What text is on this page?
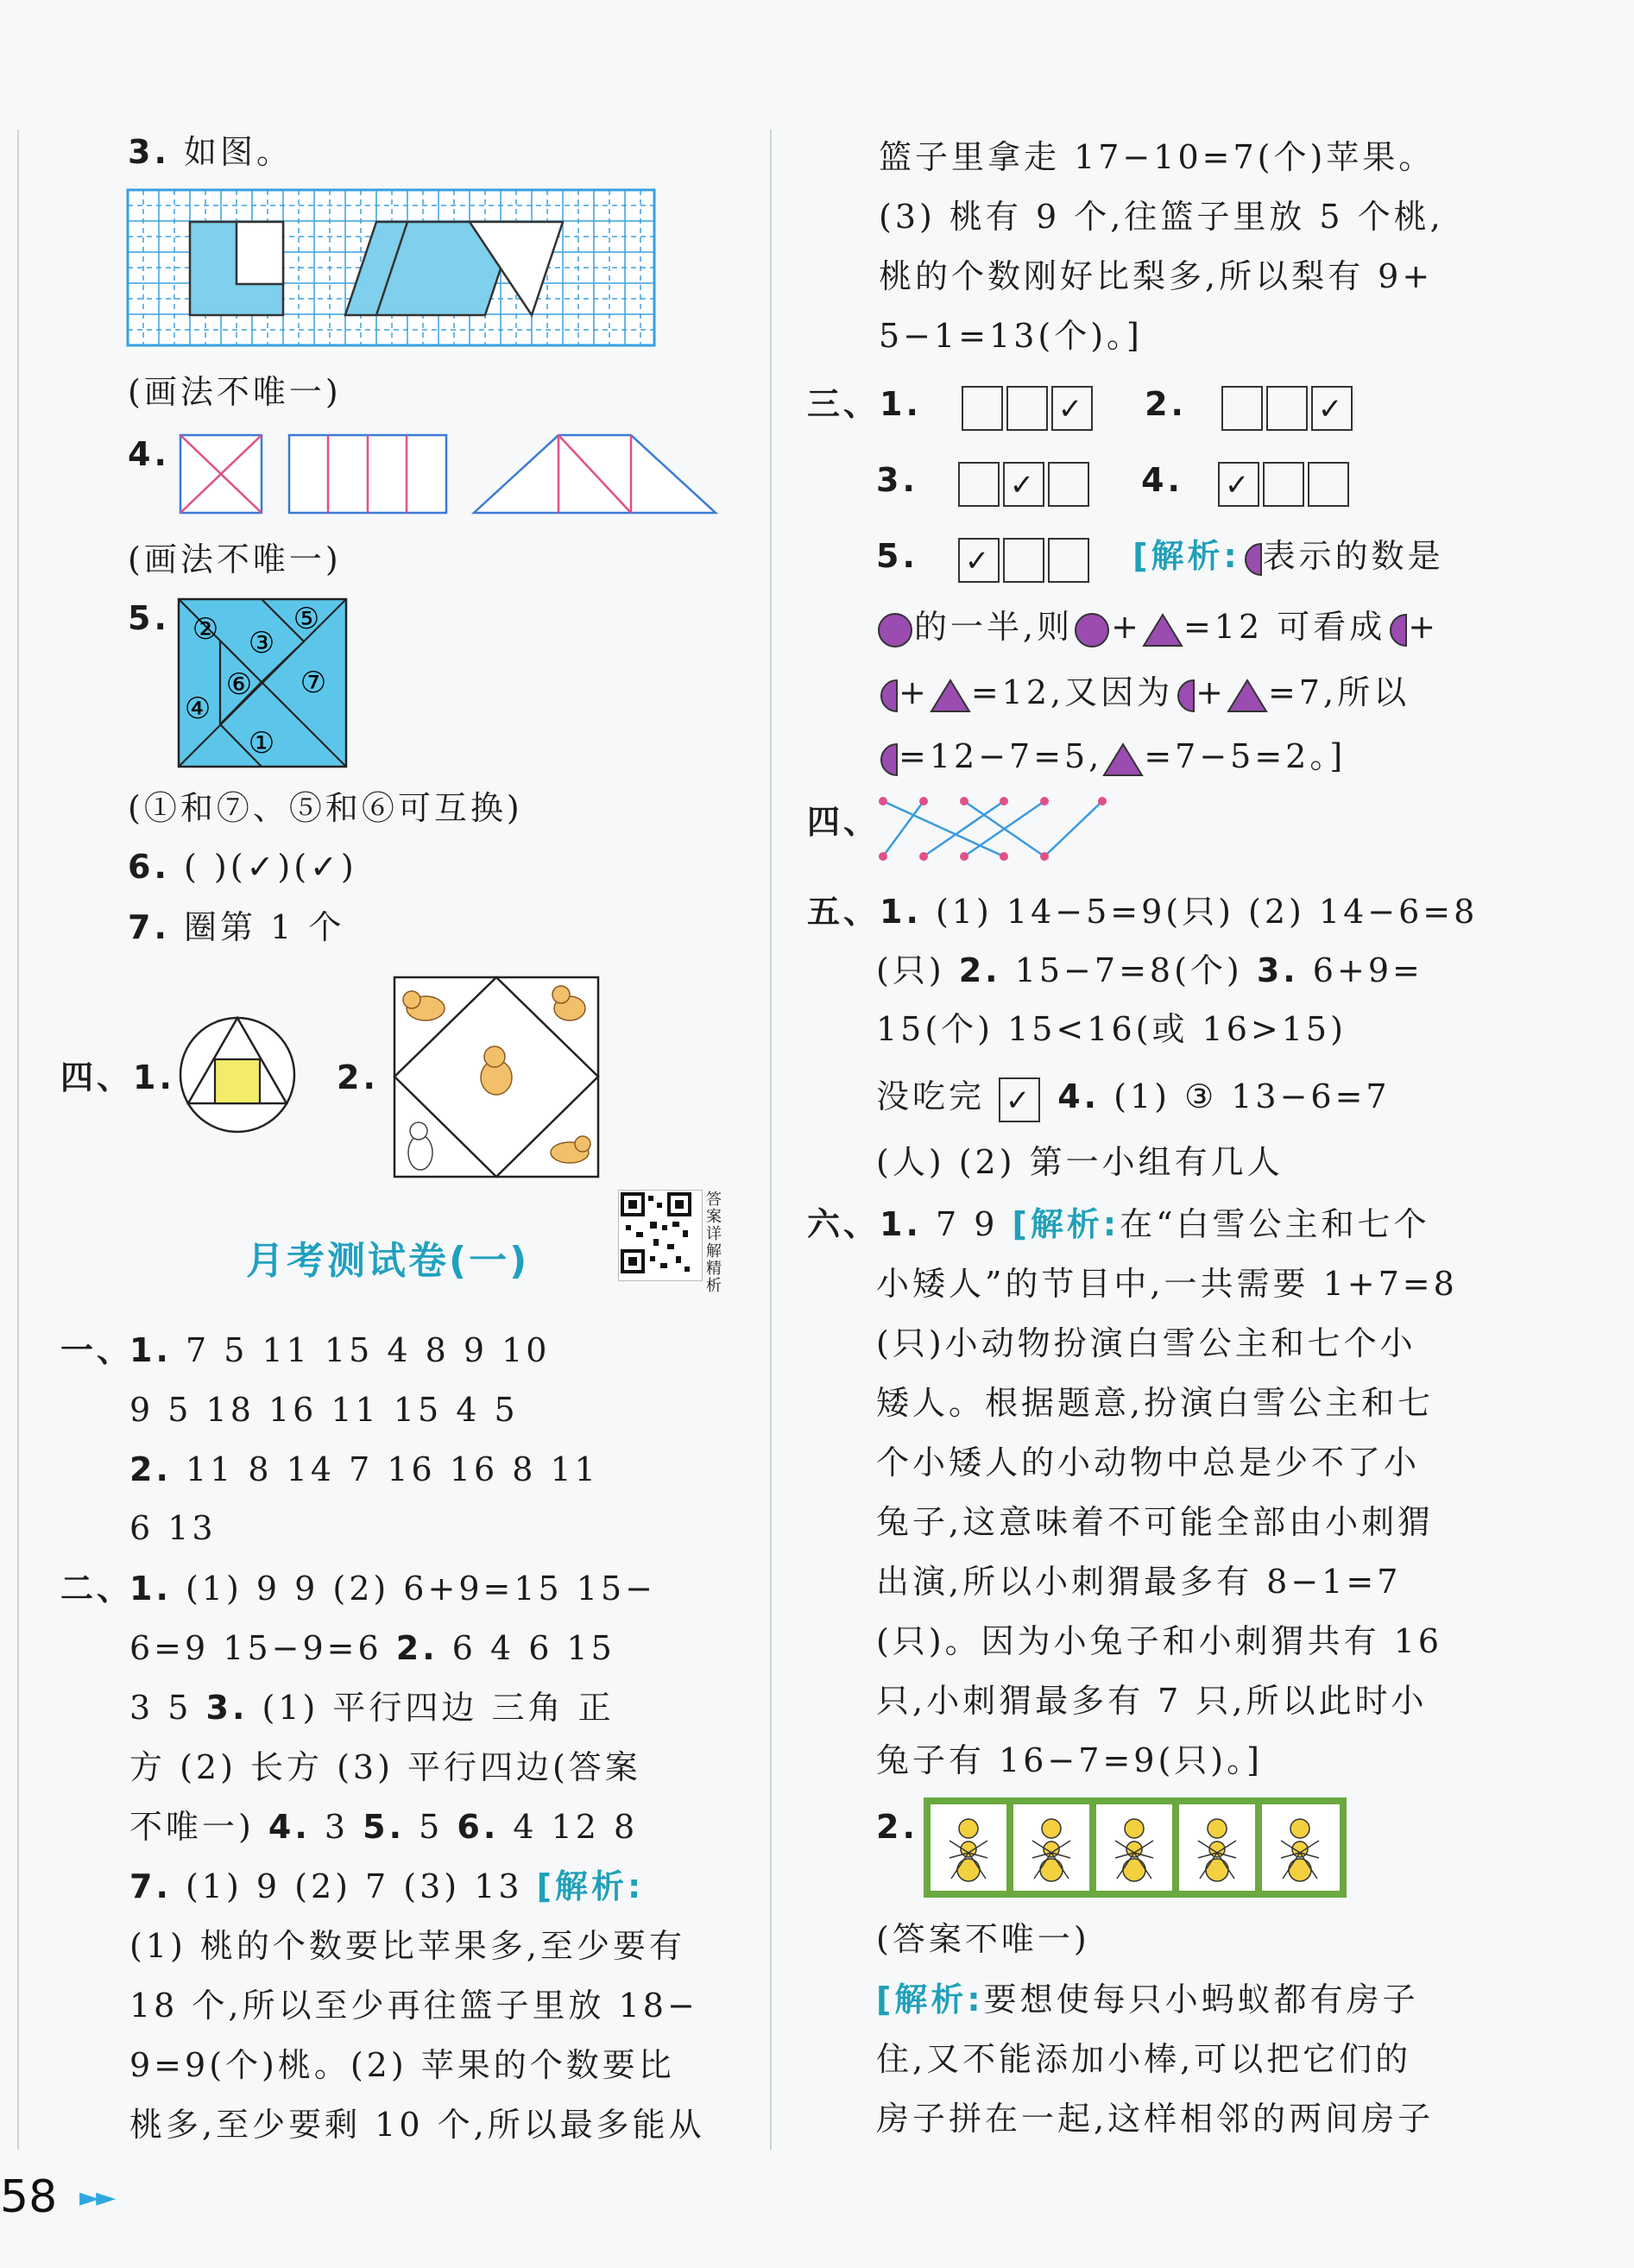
3. 如图。
(画法不唯一)
4.
(画法不唯一)
5. ② ③
⑤
⑥
④
⑦
①
(①和⑦、⑤和⑥可互换)
6. ( )(✓)(✓)
7. 圈第 1 个
四、1.	2.
答案详解精析
月考测试卷(一)
一、
1. 7 5 11 15 4 8 9 10
9 5 18 16 11 15 4 5
2. 11 8 14 7 16 16 8 11
6 13
二、
1. (1) 9 9 (2) 6+9=15 15−
6=9 15−9=6 2. 6 4 6 15
3 5 3. (1) 平行四边 三角 正
方 (2) 长方 (3) 平行四边(答案
不唯一) 4. 3 5. 5 6. 4 12 8
7. (1) 9 (2) 7 (3) 13 [解析:
(1) 桃的个数要比苹果多,至少要有
18 个,所以至少再往篮子里放 18−
9=9(个)桃。(2) 苹果的个数要比
桃多,至少要剩 10 个,所以最多能从
篮子里拿走 17−10=7(个)苹果。
(3) 桃有 9 个,往篮子里放 5 个桃,
桃的个数刚好比梨多,所以梨有 9+
5−1=13(个)。]
三、1.	✓ 2.	✓
3.	✓	4. ✓
5. ✓	[解析: 表示的数是
的一半,则 + =12 可看成 +
+ =12,又因为 + =7,所以
=12−7=5, =7−5=2。]
四、
五、1. (1) 14−5=9(只) (2) 14−6=8
(只) 2. 15−7=8(个) 3. 6+9=
15(个) 15<16(或 16>15)
没吃完 ✓ 4. (1) ③ 13−6=7
(人) (2) 第一小组有几人
六、1. 7 9 [解析:在“白雪公主和七个
小矮人”的节目中,一共需要 1+7=8
(只)小动物扮演白雪公主和七个小
矮人。根据题意,扮演白雪公主和七
个小矮人的小动物中总是少不了小
兔子,这意味着不可能全部由小刺猬
出演,所以小刺猬最多有 8−1=7
(只)。因为小兔子和小刺猬共有 16
只,小刺猬最多有 7 只,所以此时小
兔子有 16−7=9(只)。]
2.
(答案不唯一)
[解析:要想使每只小蚂蚁都有房子
住,又不能添加小棒,可以把它们的
房子拼在一起,这样相邻的两间房子
58 ►►
